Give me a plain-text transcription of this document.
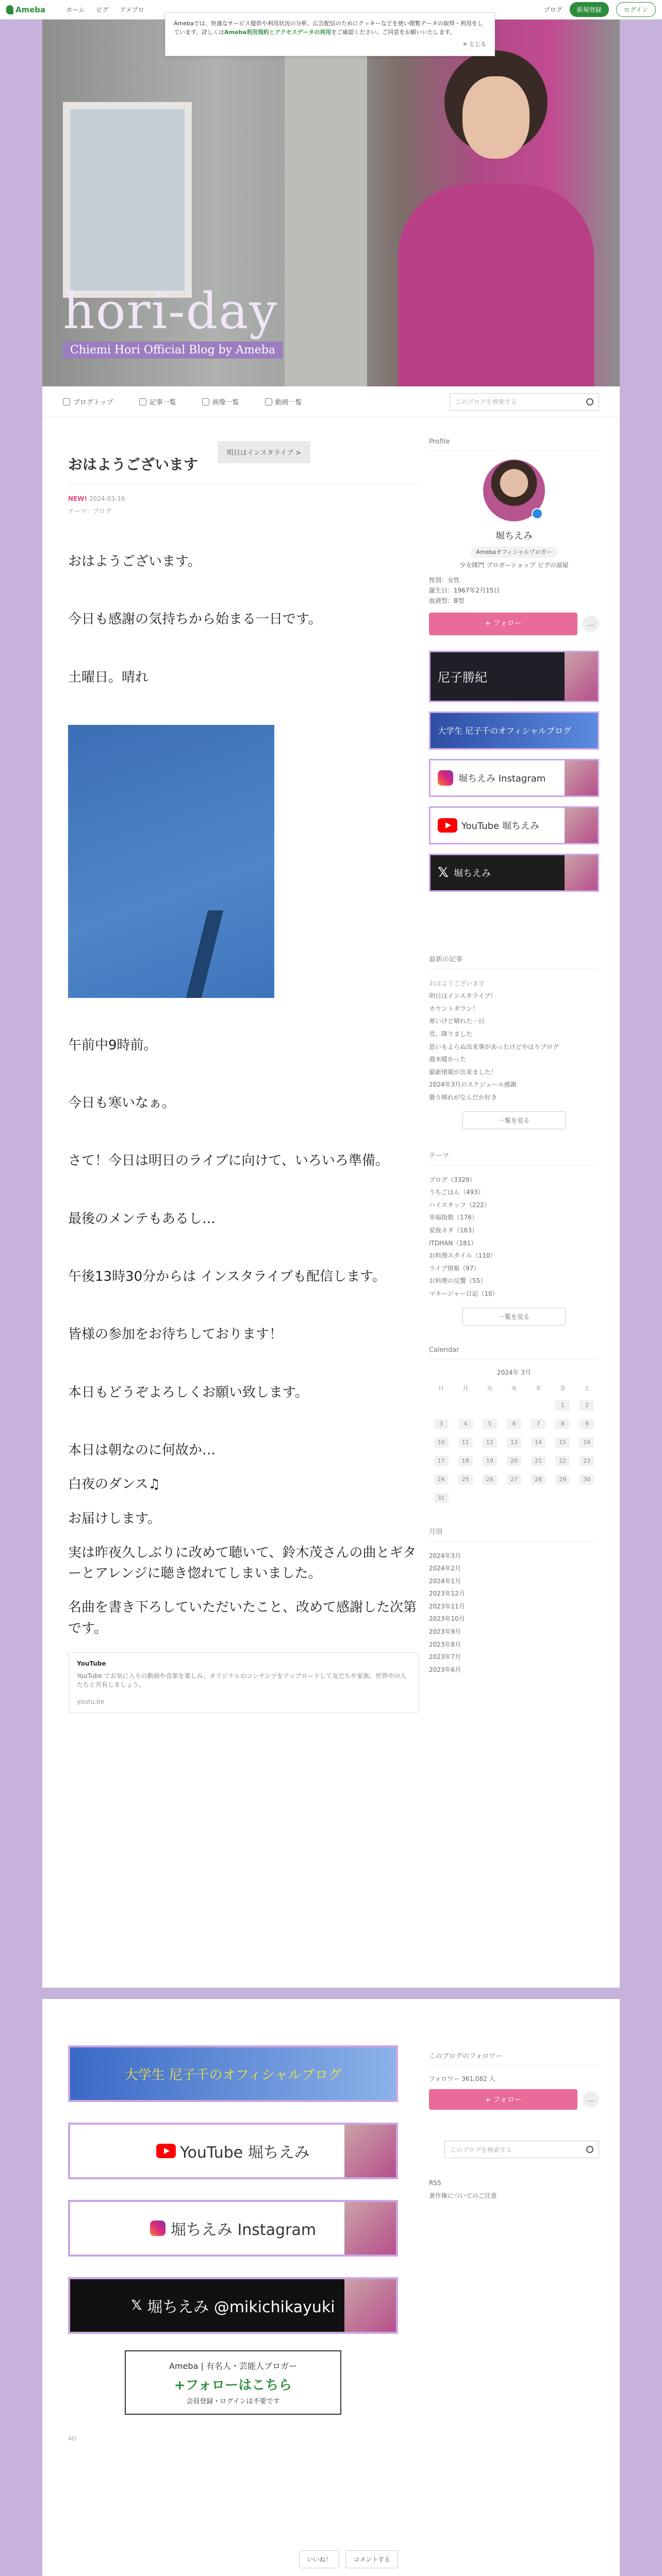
Ameba	ホーム ピグ アメブロ	ブログ	新規登録	ログイン
Amebaでは、快適なサービス提供や利用状況の分析、広告配信のためにクッキーなどを使い閲覧データの取得・利用をしています。詳しくはAmeba利用規約とアクセスデータの利用をご確認ください。ご同意をお願いいたします。
× とじる
hori-day
Chiemi Hori Official Blog by Ameba
ブログトップ	記事一覧	画像一覧	動画一覧	このブログを検索する
明日はインスタライブ >
おはようございます
NEW! 2024-03-16
テーマ：ブログ

おはようございます。

今日も感謝の気持ちから始まる一日です。

土曜日。晴れ

午前中9時前。

今日も寒いなぁ。

さて！今日は明日のライブに向けて、いろいろ準備。

最後のメンテもあるし…

午後13時30分からは インスタライブも配信します。

皆様の参加をお待ちしております！

本日もどうぞよろしくお願い致します。

本日は朝なのに何故か…

白夜のダンス♫

お届けします。

実は昨夜久しぶりに改めて聴いて、鈴木茂さんの曲とギターとアレンジに聴き惚れてしまいました。

名曲を書き下ろしていただいたこと、改めて感謝した次第です。

YouTube
YouTube でお気に入りの動画や音楽を楽しみ、オリジナルのコンテンツをアップロードして友だちや家族、世界中の人たちと共有しましょう。
youtu.be
Profile
堀ちえみ
Amebaオフィシャルブロガー
少女隊門 ブロガーショップ ピグの部屋
性別：女性
誕生日：1967年2月15日
血液型：B型
+ フォロー	…
尼子勝紀
大学生 尼子千のオフィシャルブログ
堀ちえみ Instagram
YouTube 堀ちえみ
𝕏 堀ちえみ
最新の記事
おはようございます
明日はインスタライブ！
カウントダウン！
寒いけど晴れた一日
雪、降りました
思いもよらぬ出来事があったけどやはりブログ
週末暖かった
最新情報が出来ました！
2024年3月のスケジュール感謝
曇り晴れがなんだか好き
一覧を見る
テーマ
ブログ（3329）
うちごはん（493）
ハイスタッフ（222）
幸福指数（176）
家族ネタ（163）
ITDHAN（181）
お料理スタイル（110）
ライブ情報（97）
お料理の反響（55）
マネージャー日記（10）
一覧を見る
Calendar
2024年 3月
日	月	火	水	木	金	土
					1	2
3	4	5	6	7	8	9
10	11	12	13	14	15	16
17	18	19	20	21	22	23
24	25	26	27	28	29	30
31						
月別
2024年3月
2024年2月
2024年1月
2023年12月
2023年11月
2023年10月
2023年9月
2023年8月
2023年7月
2023年6月
大学生 尼子千のオフィシャルブログ
YouTube 堀ちえみ
堀ちえみ Instagram
𝕏 堀ちえみ @mikichikayuki
Ameba | 有名人・芸能人ブロガー
+フォローはこちら
会員登録・ログインは不要です
AD
いいね！	コメントする
このブログのフォロワー
フォロワー 361,082 人
+ フォロー	…
このブログを検索する
RSS
著作権についてのご注意
